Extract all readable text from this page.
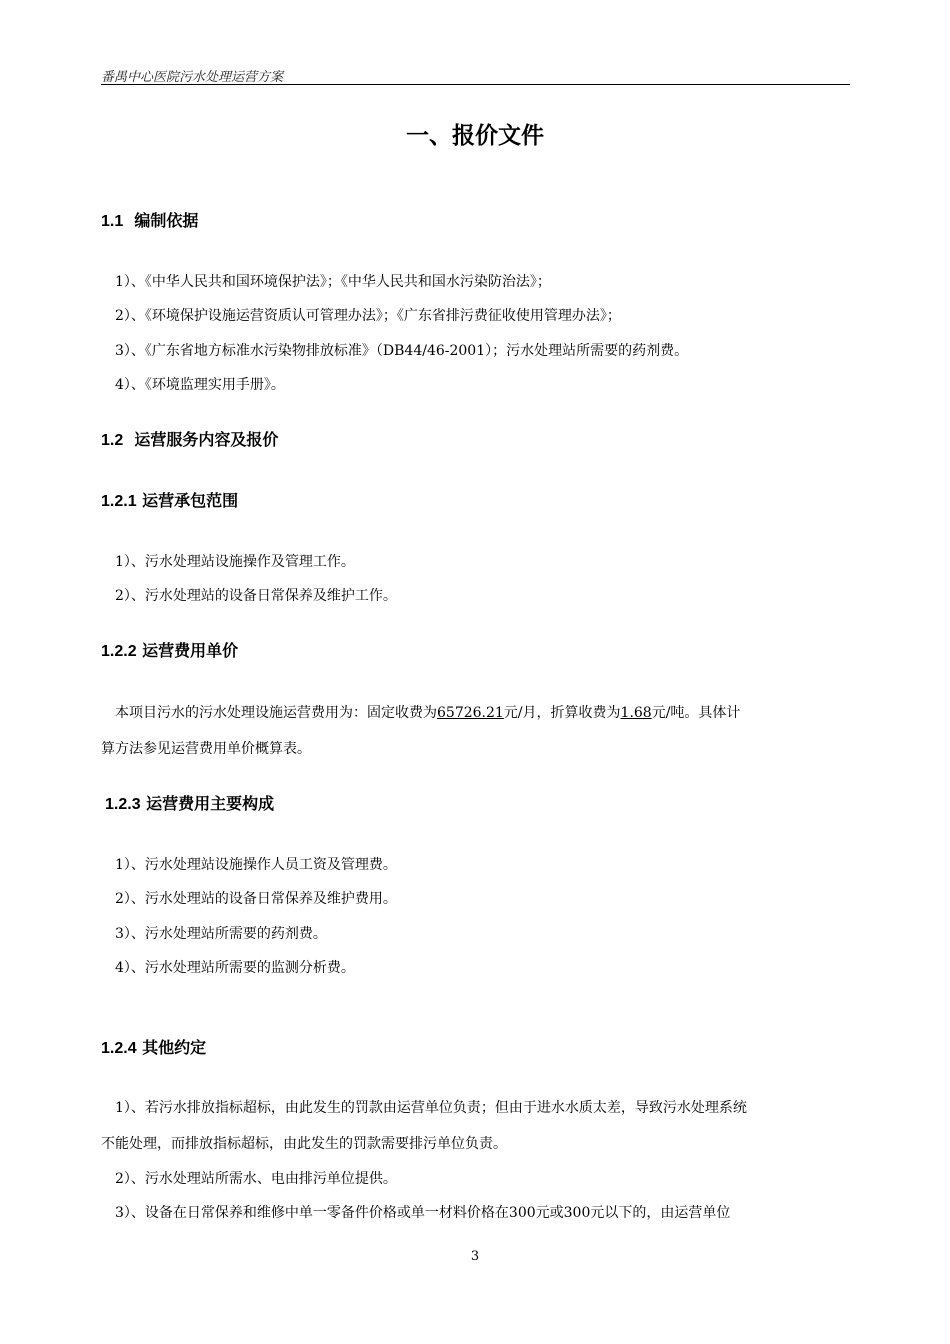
番禺中心医院污水处理运营方案
一、报价文件
1.1 编制依据
1）、《中华人民共和国环境保护法》；《中华人民共和国水污染防治法》；
2）、《环境保护设施运营资质认可管理办法》；《广东省排污费征收使用管理办法》；
3）、《广东省地方标准水污染物排放标准》（DB44/46-2001）；污水处理站所需要的药剂费。
4）、《环境监理实用手册》。
1.2 运营服务内容及报价
1.2.1 运营承包范围
1）、污水处理站设施操作及管理工作。
2）、污水处理站的设备日常保养及维护工作。
1.2.2 运营费用单价
本项目污水的污水处理设施运营费用为：固定收费为65726.21元/月，折算收费为1.68元/吨。具体计
算方法参见运营费用单价概算表。
1.2.3 运营费用主要构成
1）、污水处理站设施操作人员工资及管理费。
2）、污水处理站的设备日常保养及维护费用。
3）、污水处理站所需要的药剂费。
4）、污水处理站所需要的监测分析费。
1.2.4 其他约定
1）、若污水排放指标超标，由此发生的罚款由运营单位负责；但由于进水水质太差，导致污水处理系统
不能处理，而排放指标超标，由此发生的罚款需要排污单位负责。
2）、污水处理站所需水、电由排污单位提供。
3）、设备在日常保养和维修中单一零备件价格或单一材料价格在300元或300元以下的，由运营单位
3
